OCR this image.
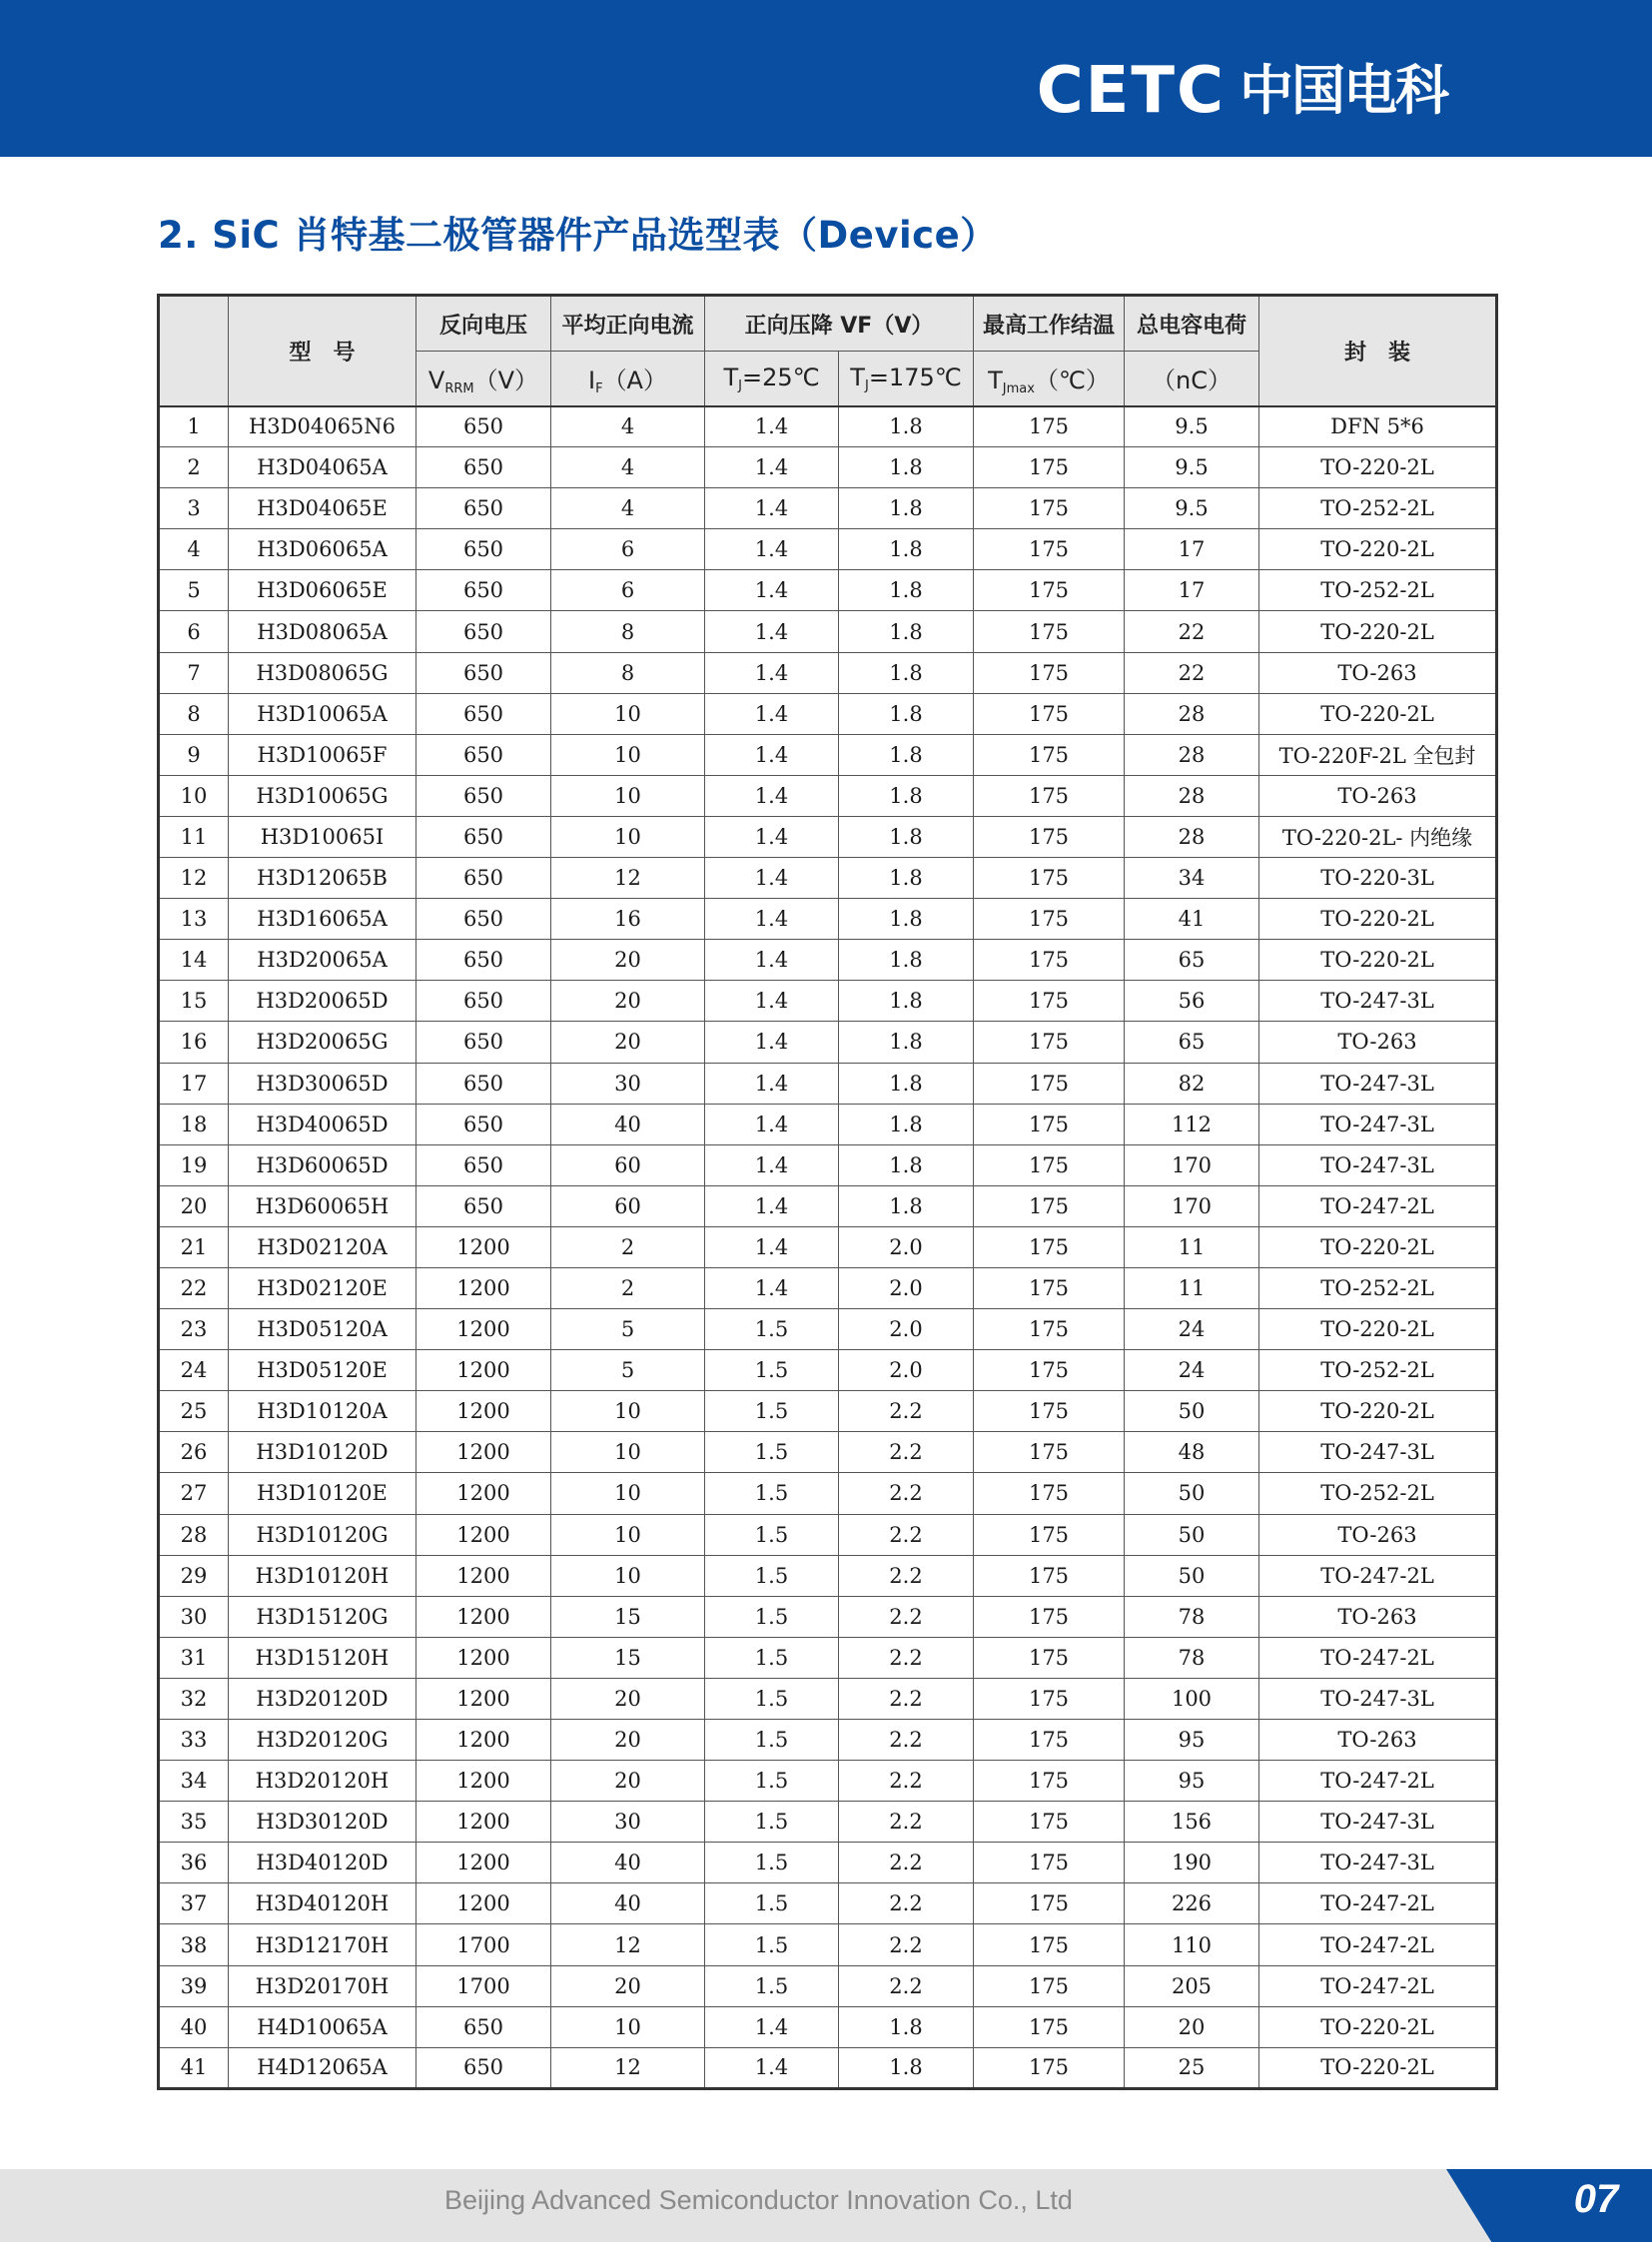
CETC 中国电科
2. SiC 肖特基二极管器件产品选型表（Device）
	型　号	反向电压	平均正向电流	正向压降 VF（V）		最高工作结温	总电容电荷	封　装
		$V_{RRM}(V)$	$I_F(A)$	$T_J=25℃$	$T_J=175℃$	$T_{Jmax}(℃)$	（nC）	
1	H3D04065N6	650	4	1.4	1.8	175	9.5	DFN 5*6
2	H3D04065A	650	4	1.4	1.8	175	9.5	TO-220-2L
3	H3D04065E	650	4	1.4	1.8	175	9.5	TO-252-2L
4	H3D06065A	650	6	1.4	1.8	175	17	TO-220-2L
5	H3D06065E	650	6	1.4	1.8	175	17	TO-252-2L
6	H3D08065A	650	8	1.4	1.8	175	22	TO-220-2L
7	H3D08065G	650	8	1.4	1.8	175	22	TO-263
8	H3D10065A	650	10	1.4	1.8	175	28	TO-220-2L
9	H3D10065F	650	10	1.4	1.8	175	28	TO-220F-2L 全包封
10	H3D10065G	650	10	1.4	1.8	175	28	TO-263
11	H3D10065I	650	10	1.4	1.8	175	28	TO-220-2L- 内绝缘
12	H3D12065B	650	12	1.4	1.8	175	34	TO-220-3L
13	H3D16065A	650	16	1.4	1.8	175	41	TO-220-2L
14	H3D20065A	650	20	1.4	1.8	175	65	TO-220-2L
15	H3D20065D	650	20	1.4	1.8	175	56	TO-247-3L
16	H3D20065G	650	20	1.4	1.8	175	65	TO-263
17	H3D30065D	650	30	1.4	1.8	175	82	TO-247-3L
18	H3D40065D	650	40	1.4	1.8	175	112	TO-247-3L
19	H3D60065D	650	60	1.4	1.8	175	170	TO-247-3L
20	H3D60065H	650	60	1.4	1.8	175	170	TO-247-2L
21	H3D02120A	1200	2	1.4	2.0	175	11	TO-220-2L
22	H3D02120E	1200	2	1.4	2.0	175	11	TO-252-2L
23	H3D05120A	1200	5	1.5	2.0	175	24	TO-220-2L
24	H3D05120E	1200	5	1.5	2.0	175	24	TO-252-2L
25	H3D10120A	1200	10	1.5	2.2	175	50	TO-220-2L
26	H3D10120D	1200	10	1.5	2.2	175	48	TO-247-3L
27	H3D10120E	1200	10	1.5	2.2	175	50	TO-252-2L
28	H3D10120G	1200	10	1.5	2.2	175	50	TO-263
29	H3D10120H	1200	10	1.5	2.2	175	50	TO-247-2L
30	H3D15120G	1200	15	1.5	2.2	175	78	TO-263
31	H3D15120H	1200	15	1.5	2.2	175	78	TO-247-2L
32	H3D20120D	1200	20	1.5	2.2	175	100	TO-247-3L
33	H3D20120G	1200	20	1.5	2.2	175	95	TO-263
34	H3D20120H	1200	20	1.5	2.2	175	95	TO-247-2L
35	H3D30120D	1200	30	1.5	2.2	175	156	TO-247-3L
36	H3D40120D	1200	40	1.5	2.2	175	190	TO-247-3L
37	H3D40120H	1200	40	1.5	2.2	175	226	TO-247-2L
38	H3D12170H	1700	12	1.5	2.2	175	110	TO-247-2L
39	H3D20170H	1700	20	1.5	2.2	175	205	TO-247-2L
40	H4D10065A	650	10	1.4	1.8	175	20	TO-220-2L
41	H4D12065A	650	12	1.4	1.8	175	25	TO-220-2L
Beijing Advanced Semiconductor Innovation Co., Ltd	07
